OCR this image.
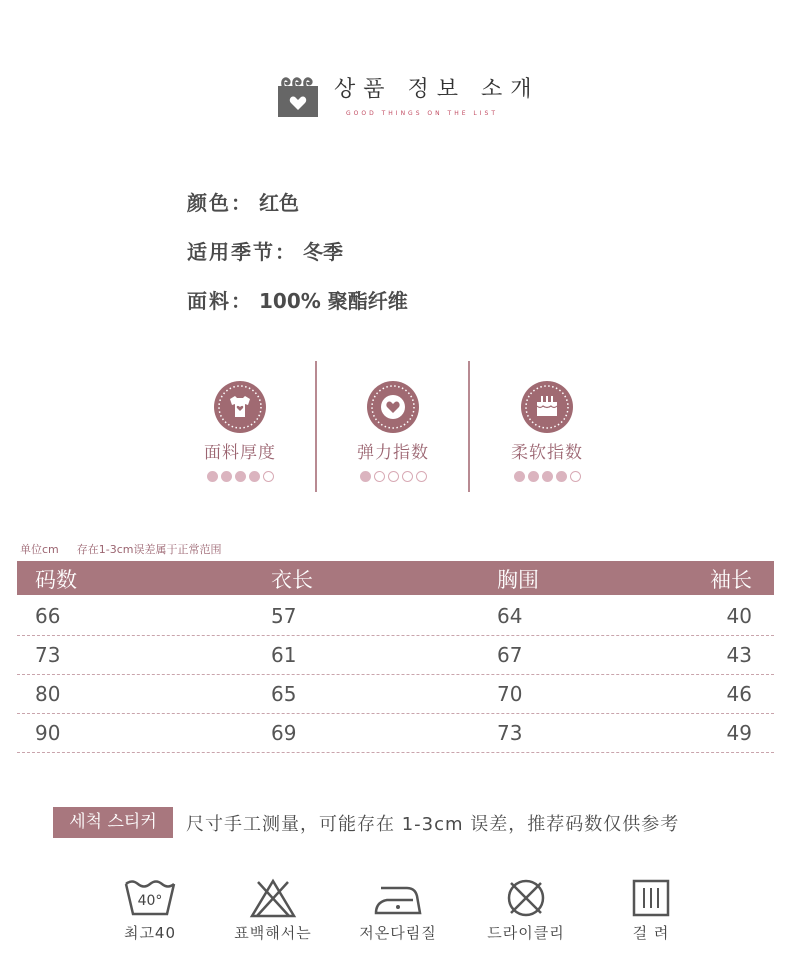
상품 정보 소개
GOOD THINGS ON THE LIST
颜色： 红色
适用季节： 冬季
面料： 100% 聚酯纤维
面料厚度	弹力指数	柔软指数
单位cm 存在1-3cm误差属于正常范围
码数	衣长	胸围	袖长
66	57	64	40
73	61	67	43
80	65	70	46
90	69	73	49
세척 스티커	尺寸手工测量，可能存在 1-3cm 误差，推荐码数仅供参考
40°
최고40	표백해서는	저온다림질	드라이클리	걸 려
